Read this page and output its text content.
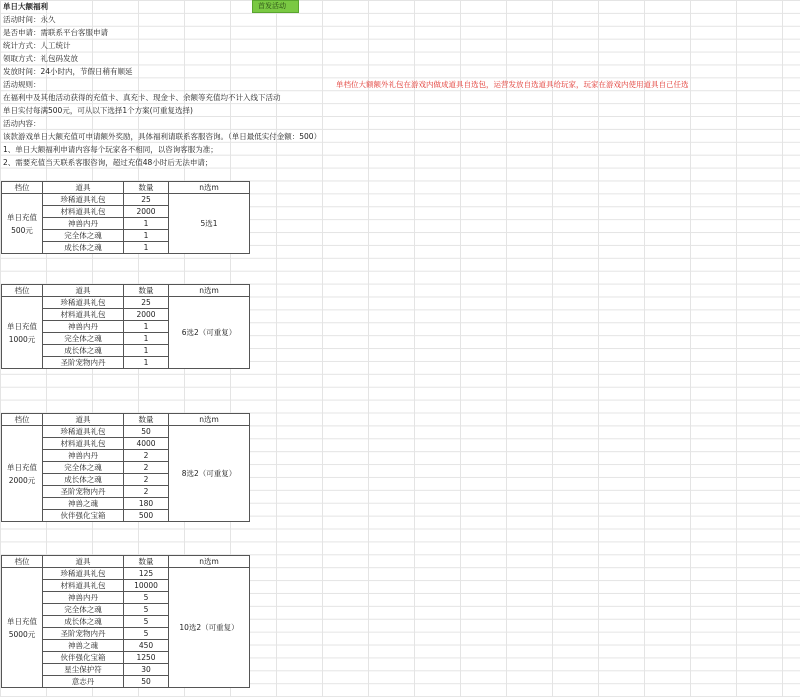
单日大额福利	首发活动
活动时间：永久
是否申请：需联系平台客服申请
统计方式：人工统计
领取方式：礼包码发放
发放时间：24小时内，节假日稍有顺延
活动规则：	单档位大额额外礼包在游戏内做成道具自选包，运营发放自选道具给玩家，玩家在游戏内使用道具自己任选
在福利中及其他活动获得的充值卡、真充卡、现金卡、余额等充值均不计入线下活动
单日实付每满500元，可从以下选择1个方案(可重复选择)
活动内容：
该款游戏单日大额充值可申请额外奖励，具体福利请联系客服咨询。（单日最低实付金额：500）
1、单日大额福利申请内容每个玩家各不相同，以咨询客服为准；
2、需要充值当天联系客服咨询，超过充值48小时后无法申请；
档位	道具	数量	n选m
单日充值
500元	珍稀道具礼包	25	5选1
	材料道具礼包	2000	
	神兽内丹	1	
	完全体之魂	1	
	成长体之魂	1	
档位	道具	数量	n选m
单日充值
1000元	珍稀道具礼包	25	6选2（可重复）
	材料道具礼包	2000	
	神兽内丹	1	
	完全体之魂	1	
	成长体之魂	1	
	圣阶宠物内丹	1	
档位	道具	数量	n选m
单日充值
2000元	珍稀道具礼包	50	8选2（可重复）
	材料道具礼包	4000	
	神兽内丹	2	
	完全体之魂	2	
	成长体之魂	2	
	圣阶宠物内丹	2	
	神兽之魂	180	
	伙伴强化宝箱	500	
档位	道具	数量	n选m
单日充值
5000元	珍稀道具礼包	125	10选2（可重复）
	材料道具礼包	10000	
	神兽内丹	5	
	完全体之魂	5	
	成长体之魂	5	
	圣阶宠物内丹	5	
	神兽之魂	450	
	伙伴强化宝箱	1250	
	星尘保护符	30	
	意志丹	50	
